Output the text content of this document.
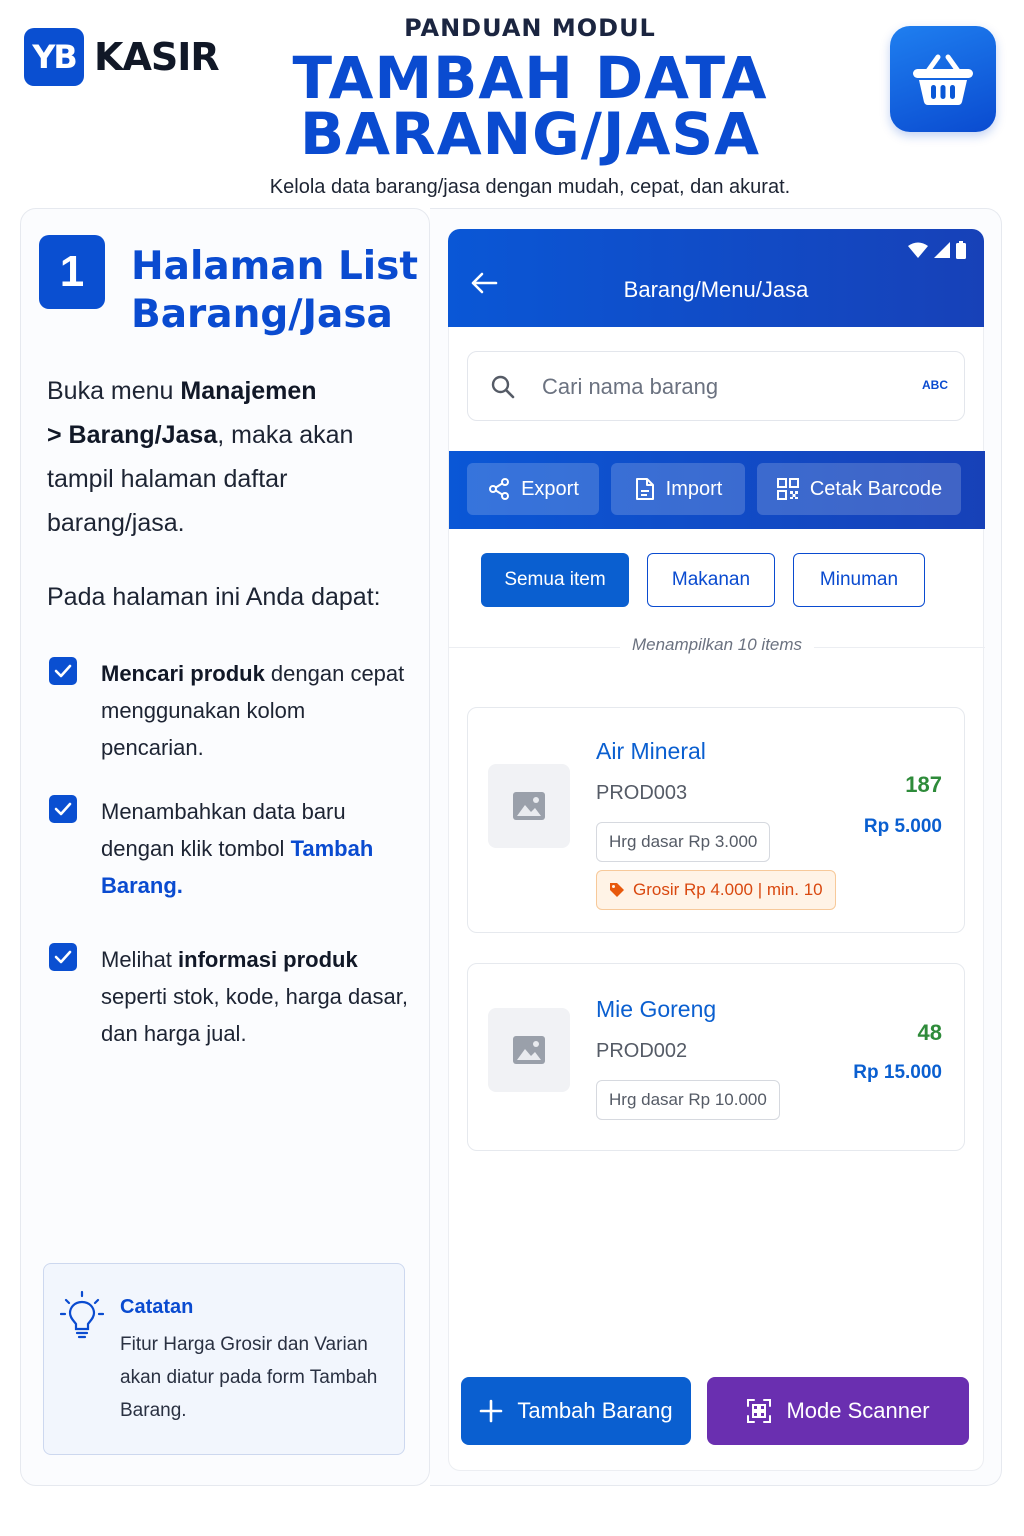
YB KASIR
PANDUAN MODUL
TAMBAH DATA
BARANG/JASA
Kelola data barang/jasa dengan mudah, cepat, dan akurat.
1	Halaman List
Barang/Jasa
Buka menu Manajemen
> Barang/Jasa, maka akan tampil halaman daftar barang/jasa.
Pada halaman ini Anda dapat:
Mencari produk dengan cepat menggunakan kolom pencarian.
Menambahkan data baru dengan klik tombol Tambah Barang.
Melihat informasi produk seperti stok, kode, harga dasar, dan harga jual.
Catatan
Fitur Harga Grosir dan Varian akan diatur pada form Tambah Barang.
Barang/Menu/Jasa
Cari nama barang
ABC
Export	Import	Cetak Barcode
Semua item	Makanan	Minuman
Menampilkan 10 items
Air Mineral
PROD003
Hrg dasar Rp 3.000
Grosir Rp 4.000 | min. 10
187
Rp 5.000
Mie Goreng
PROD002
Hrg dasar Rp 10.000
48
Rp 15.000
Tambah Barang	Mode Scanner
